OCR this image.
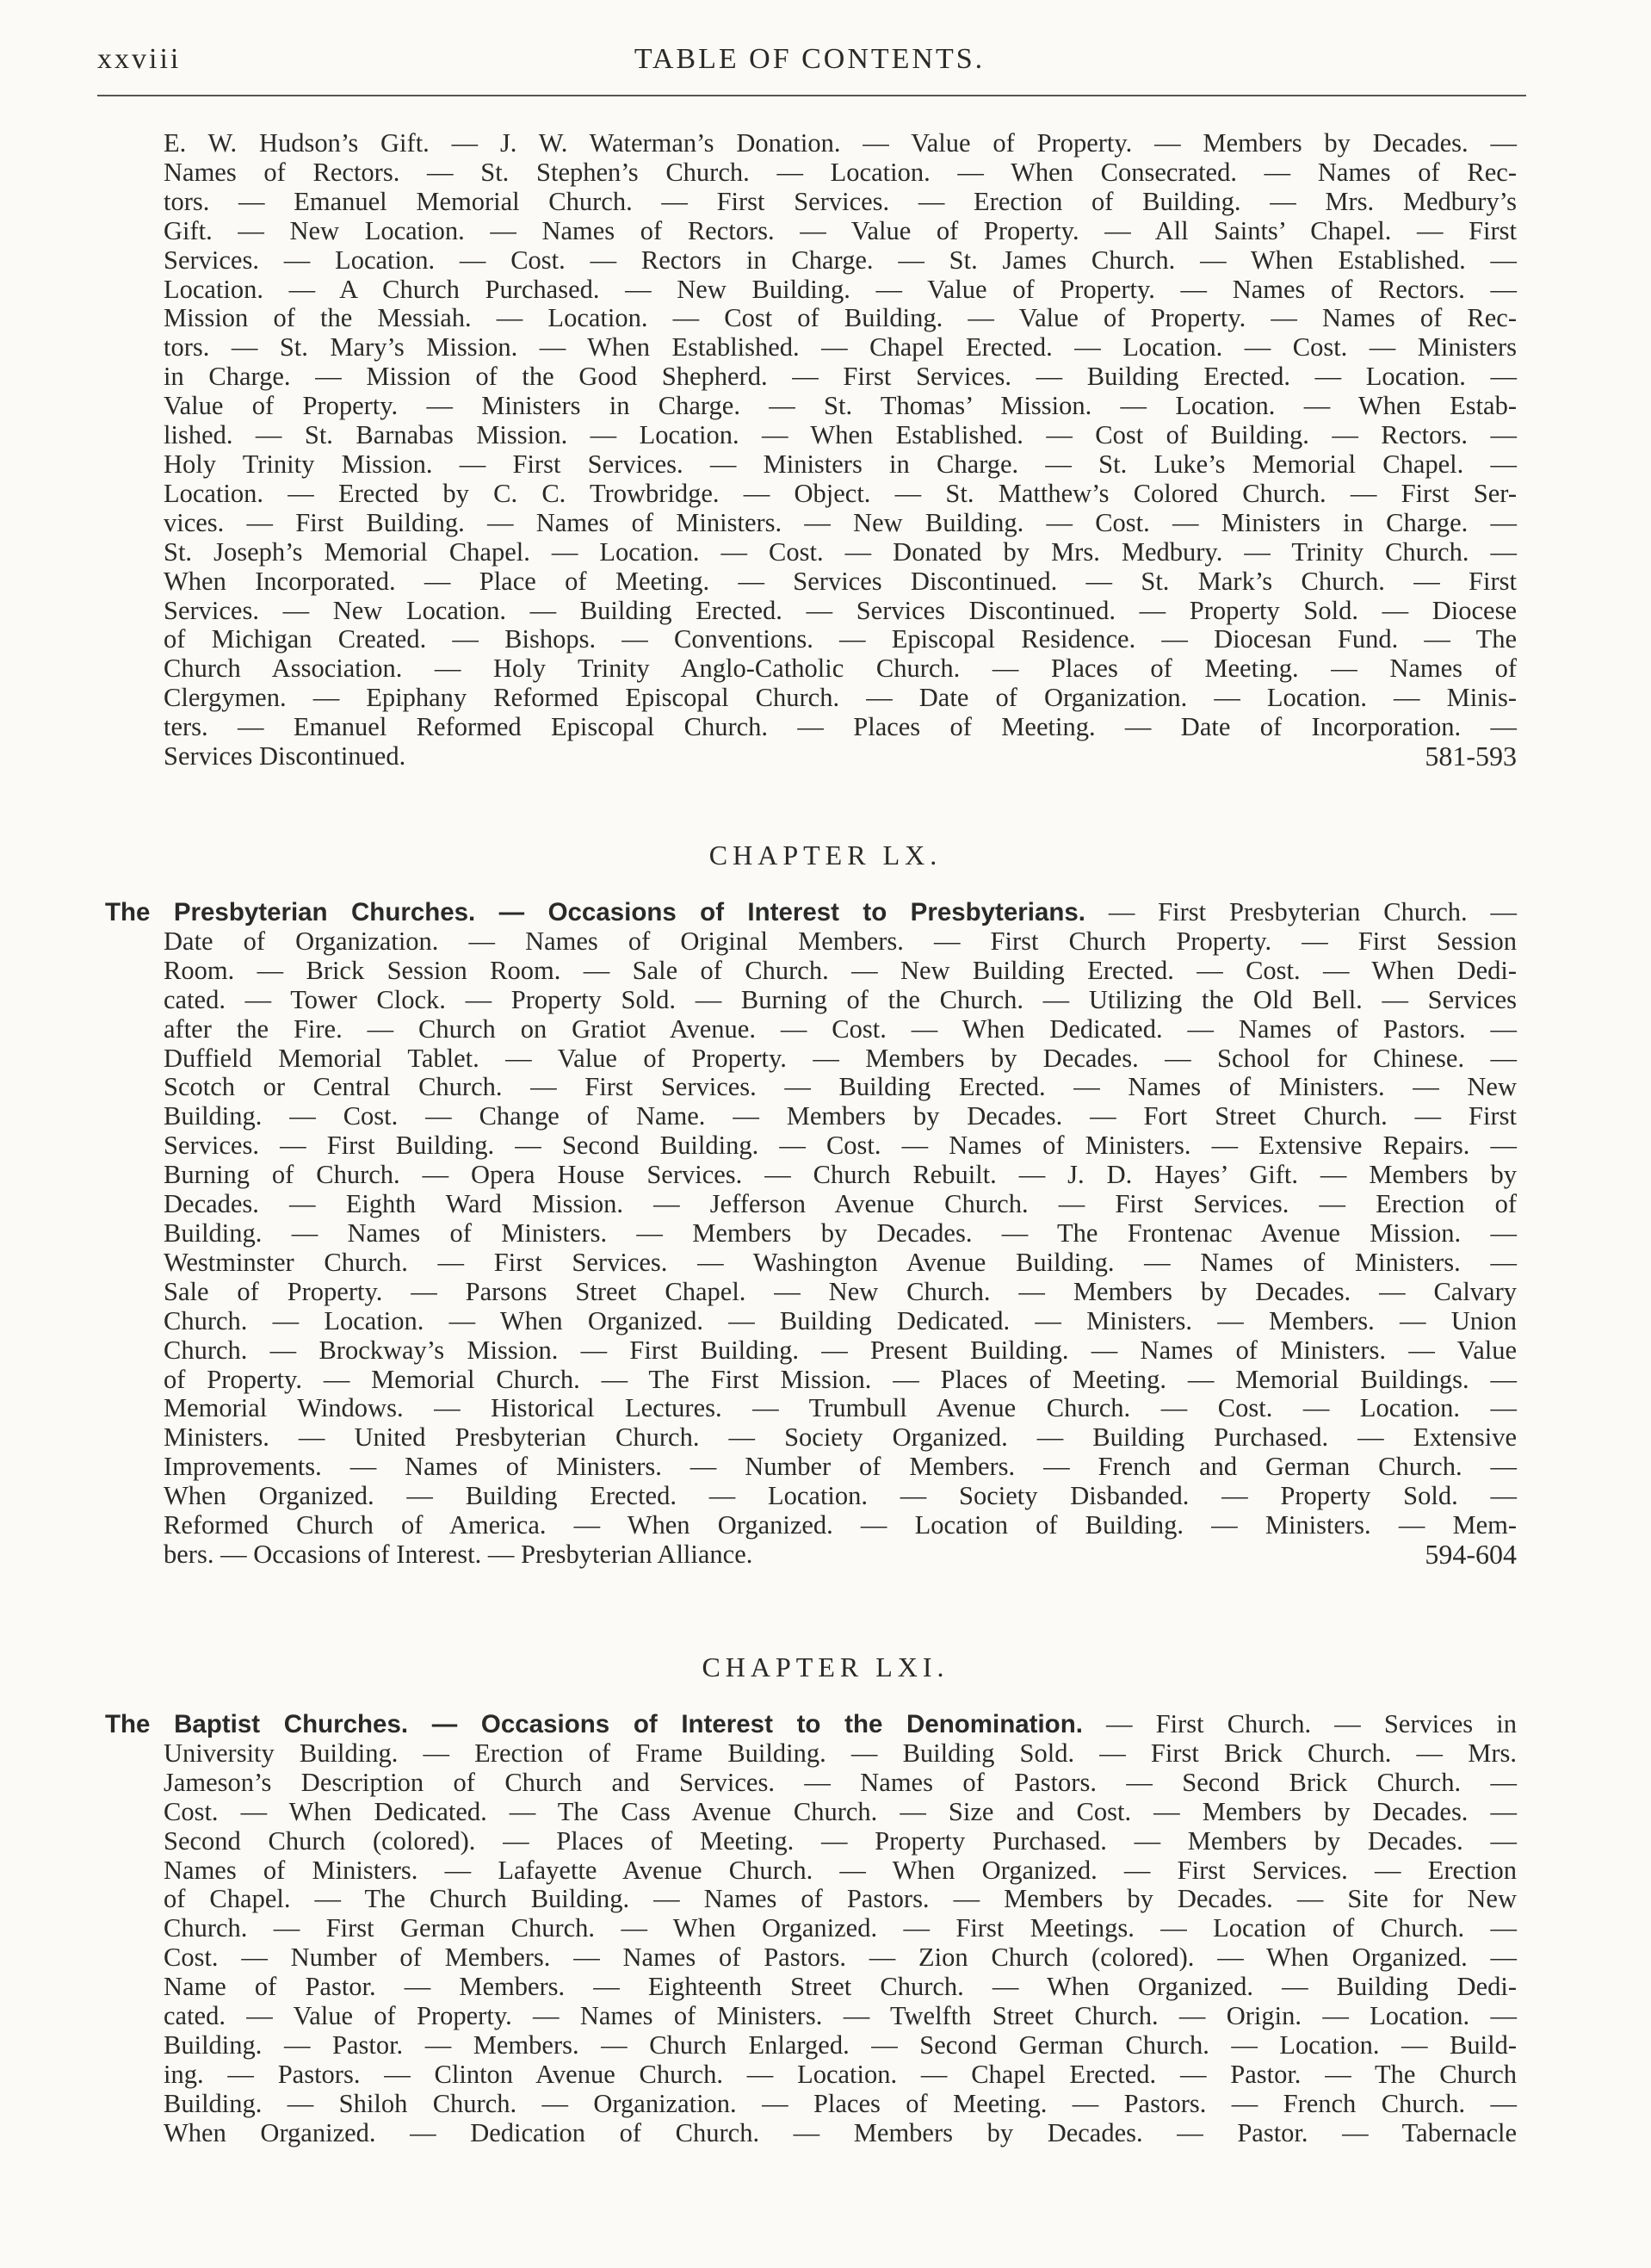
xxviii	TABLE OF CONTENTS.

E. W. Hudson’s Gift. — J. W. Waterman’s Donation. — Value of Property. — Members by Decades. —

Names of Rectors. — St. Stephen’s Church. — Location. — When Consecrated. — Names of Rec-

tors. — Emanuel Memorial Church. — First Services. — Erection of Building. — Mrs. Medbury’s

Gift. — New Location. — Names of Rectors. — Value of Property. — All Saints’ Chapel. — First

Services. — Location. — Cost. — Rectors in Charge. — St. James Church. — When Established. —

Location. — A Church Purchased. — New Building. — Value of Property. — Names of Rectors. —

Mission of the Messiah. — Location. — Cost of Building. — Value of Property. — Names of Rec-

tors. — St. Mary’s Mission. — When Established. — Chapel Erected. — Location. — Cost. — Ministers

in Charge. — Mission of the Good Shepherd. — First Services. — Building Erected. — Location. —

Value of Property. — Ministers in Charge. — St. Thomas’ Mission. — Location. — When Estab-

lished. — St. Barnabas Mission. — Location. — When Established. — Cost of Building. — Rectors. —

Holy Trinity Mission. — First Services. — Ministers in Charge. — St. Luke’s Memorial Chapel. —

Location. — Erected by C. C. Trowbridge. — Object. — St. Matthew’s Colored Church. — First Ser-

vices. — First Building. — Names of Ministers. — New Building. — Cost. — Ministers in Charge. —

St. Joseph’s Memorial Chapel. — Location. — Cost. — Donated by Mrs. Medbury. — Trinity Church. —

When Incorporated. — Place of Meeting. — Services Discontinued. — St. Mark’s Church. — First

Services. — New Location. — Building Erected. — Services Discontinued. — Property Sold. — Diocese

of Michigan Created. — Bishops. — Conventions. — Episcopal Residence. — Diocesan Fund. — The

Church Association. — Holy Trinity Anglo-Catholic Church. — Places of Meeting. — Names of

Clergymen. — Epiphany Reformed Episcopal Church. — Date of Organization. — Location. — Minis-

ters. — Emanuel Reformed Episcopal Church. — Places of Meeting. — Date of Incorporation. —

Services Discontinued.	581-593

CHAPTER LX.

The Presbyterian Churches. — Occasions of Interest to Presbyterians. — First Presbyterian Church. —

Date of Organization. — Names of Original Members. — First Church Property. — First Session

Room. — Brick Session Room. — Sale of Church. — New Building Erected. — Cost. — When Dedi-

cated. — Tower Clock. — Property Sold. — Burning of the Church. — Utilizing the Old Bell. — Services

after the Fire. — Church on Gratiot Avenue. — Cost. — When Dedicated. — Names of Pastors. —

Duffield Memorial Tablet. — Value of Property. — Members by Decades. — School for Chinese. —

Scotch or Central Church. — First Services. — Building Erected. — Names of Ministers. — New

Building. — Cost. — Change of Name. — Members by Decades. — Fort Street Church. — First

Services. — First Building. — Second Building. — Cost. — Names of Ministers. — Extensive Repairs. —

Burning of Church. — Opera House Services. — Church Rebuilt. — J. D. Hayes’ Gift. — Members by

Decades. — Eighth Ward Mission. — Jefferson Avenue Church. — First Services. — Erection of

Building. — Names of Ministers. — Members by Decades. — The Frontenac Avenue Mission. —

Westminster Church. — First Services. — Washington Avenue Building. — Names of Ministers. —

Sale of Property. — Parsons Street Chapel. — New Church. — Members by Decades. — Calvary

Church. — Location. — When Organized. — Building Dedicated. — Ministers. — Members. — Union

Church. — Brockway’s Mission. — First Building. — Present Building. — Names of Ministers. — Value

of Property. — Memorial Church. — The First Mission. — Places of Meeting. — Memorial Buildings. —

Memorial Windows. — Historical Lectures. — Trumbull Avenue Church. — Cost. — Location. —

Ministers. — United Presbyterian Church. — Society Organized. — Building Purchased. — Extensive

Improvements. — Names of Ministers. — Number of Members. — French and German Church. —

When Organized. — Building Erected. — Location. — Society Disbanded. — Property Sold. —

Reformed Church of America. — When Organized. — Location of Building. — Ministers. — Mem-

bers. — Occasions of Interest. — Presbyterian Alliance.	594-604

CHAPTER LXI.

The Baptist Churches. — Occasions of Interest to the Denomination. — First Church. — Services in

University Building. — Erection of Frame Building. — Building Sold. — First Brick Church. — Mrs.

Jameson’s Description of Church and Services. — Names of Pastors. — Second Brick Church. —

Cost. — When Dedicated. — The Cass Avenue Church. — Size and Cost. — Members by Decades. —

Second Church (colored). — Places of Meeting. — Property Purchased. — Members by Decades. —

Names of Ministers. — Lafayette Avenue Church. — When Organized. — First Services. — Erection

of Chapel. — The Church Building. — Names of Pastors. — Members by Decades. — Site for New

Church. — First German Church. — When Organized. — First Meetings. — Location of Church. —

Cost. — Number of Members. — Names of Pastors. — Zion Church (colored). — When Organized. —

Name of Pastor. — Members. — Eighteenth Street Church. — When Organized. — Building Dedi-

cated. — Value of Property. — Names of Ministers. — Twelfth Street Church. — Origin. — Location. —

Building. — Pastor. — Members. — Church Enlarged. — Second German Church. — Location. — Build-

ing. — Pastors. — Clinton Avenue Church. — Location. — Chapel Erected. — Pastor. — The Church

Building. — Shiloh Church. — Organization. — Places of Meeting. — Pastors. — French Church. —

When Organized. — Dedication of Church. — Members by Decades. — Pastor. — Tabernacle
